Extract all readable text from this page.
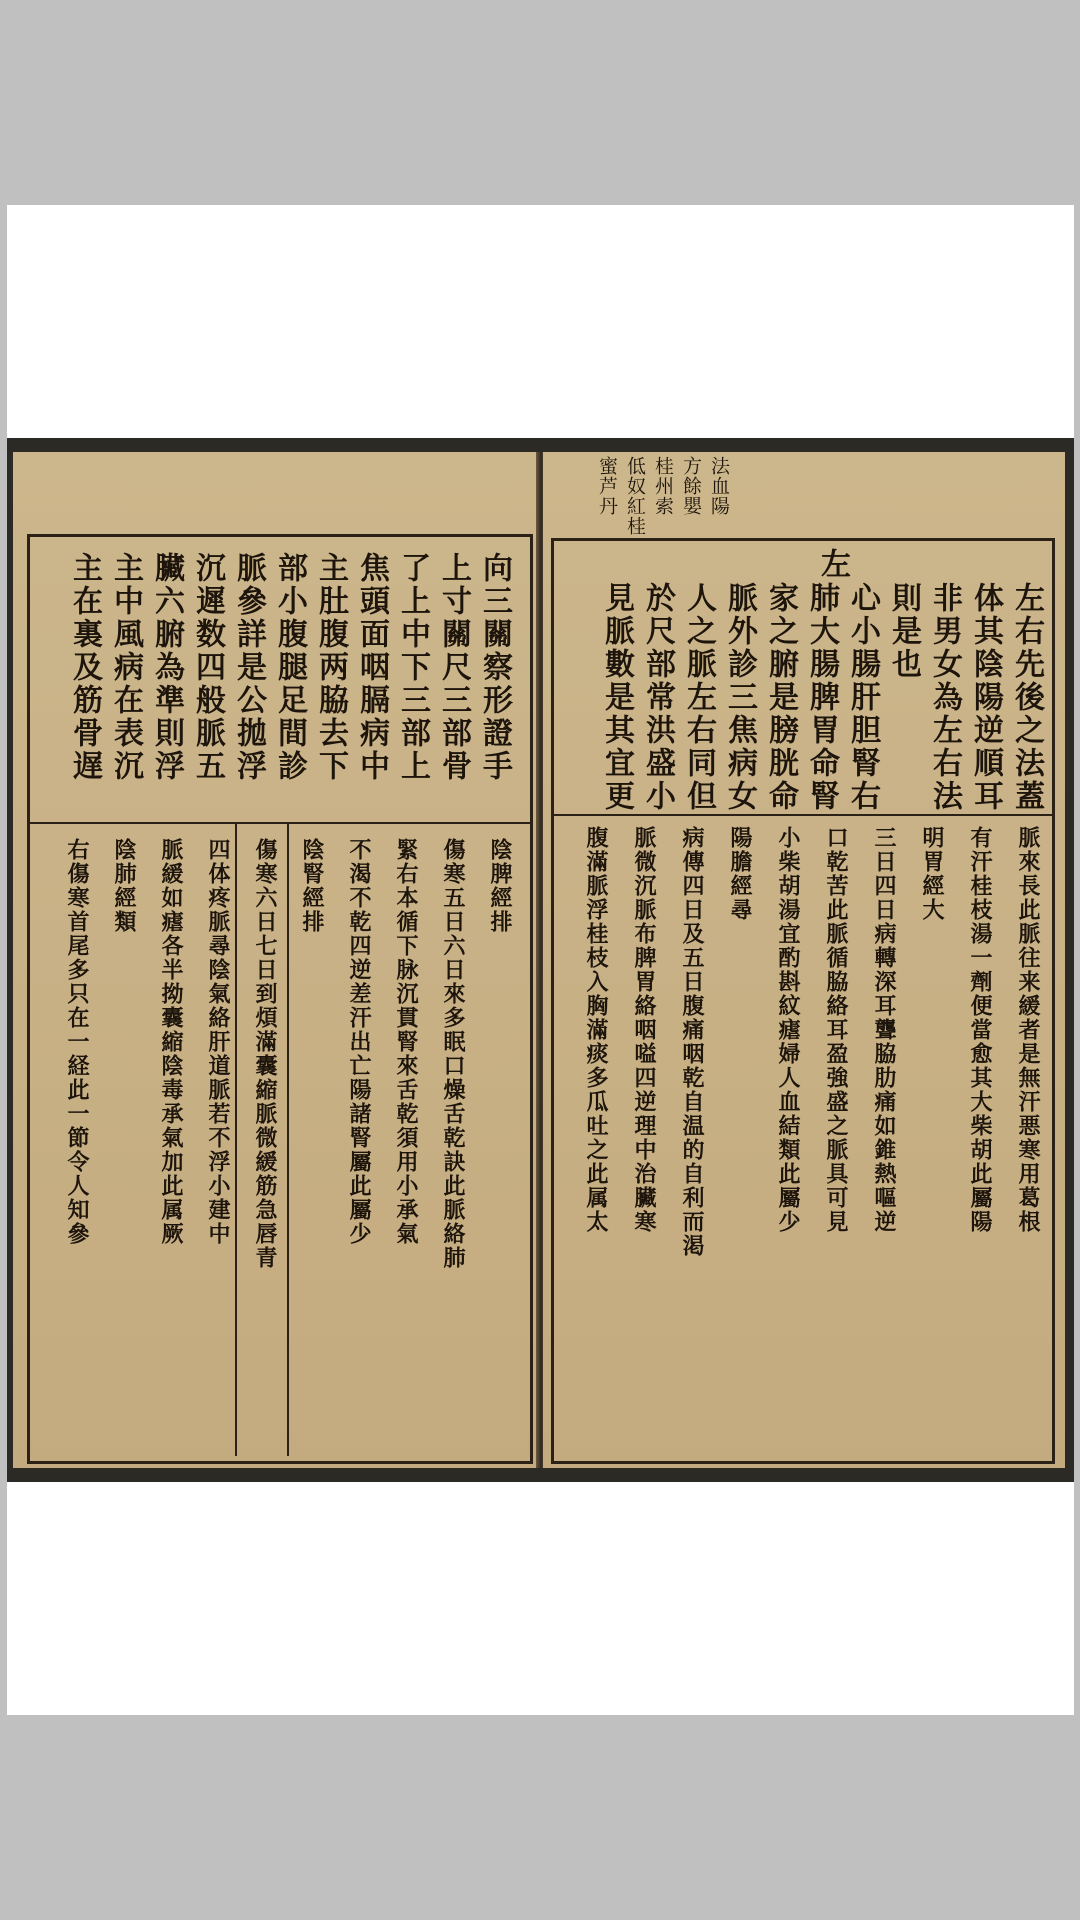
向三關察形證手
上寸關尺三部骨
了上中下三部上
焦頭面咽膈病中
主肚腹两脇去下
部小腹腿足間診
脈參詳是公拋浮
沉遲数四般脈五
臟六腑為準則浮
主中風病在表沉
主在裏及筋骨遅
陰脾經排
傷寒五日六日來多眠口燥舌乾訣此脈絡肺
緊右本循下脉沉貫腎來舌乾須用小承氣
不渴不乾四逆差汗出亡陽諸腎屬此屬少
陰腎經排
傷寒六日七日到煩滿囊縮脈微緩筋急唇青
四体疼脈尋陰氣絡肝道脈若不浮小建中
脈緩如瘧各半拗囊縮陰毒承氣加此属厥
陰肺經類
右傷寒首尾多只在一経此一節令人知參
法血陽
方餘嬰
桂州索
低奴紅桂
蜜芦丹
左
左右先後之法蓋
体其陰陽逆順耳
非男女為左右法
則是也
心小腸肝胆腎右
肺大腸脾胃命腎
家之腑是膀胱命
脈外診三焦病女
人之脈左右同但
於尺部常洪盛小
見脈數是其宜更
脈來長此脈往来緩者是無汗悪寒用葛根
有汗桂枝湯一劑便當愈其大柴胡此屬陽
明胃經大
三日四日病轉深耳聾脇肋痛如錐熱嘔逆
口乾苦此脈循脇絡耳盈強盛之脈具可見
小柴胡湯宜酌斟紋瘧婦人血結類此屬少
陽膽經尋
病傳四日及五日腹痛咽乾自温的自利而渇
脈微沉脈布脾胃絡咽嗌四逆理中治臟寒
腹滿脈浮桂枝入胸滿痰多瓜吐之此属太
